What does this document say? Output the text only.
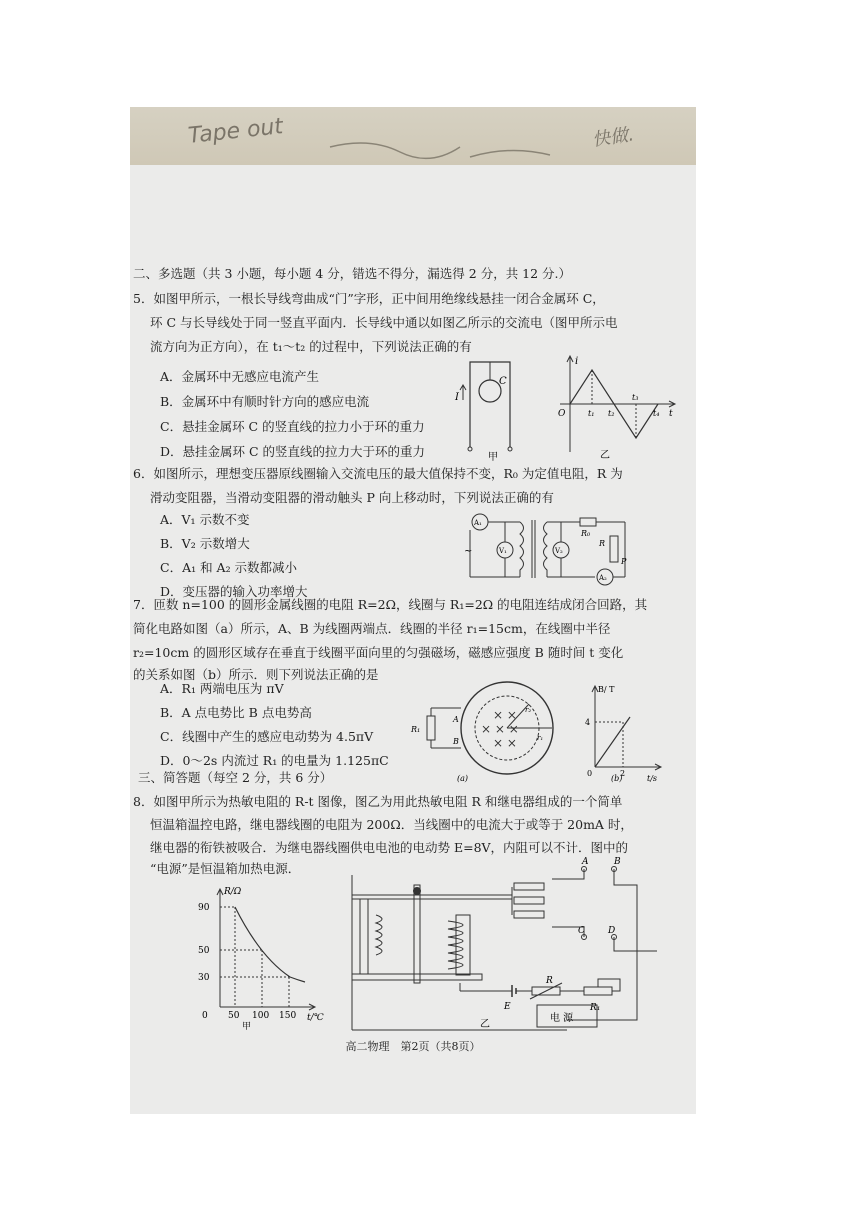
Tape out	快做.
二、多选题（共 3 小题，每小题 4 分，错选不得分，漏选得 2 分，共 12 分.）
5．如图甲所示，一根长导线弯曲成“门”字形，正中间用绝缘线悬挂一闭合金属环 C，
环 C 与长导线处于同一竖直平面内．长导线中通以如图乙所示的交流电（图甲所示电
流方向为正方向），在 t₁～t₂ 的过程中，下列说法正确的有
A．金属环中无感应电流产生
B．金属环中有顺时针方向的感应电流
C．悬挂金属环 C 的竖直线的拉力小于环的重力
D．悬挂金属环 C 的竖直线的拉力大于环的重力
I
C
甲
i
O	t₁ t₂
t₃
t₄ t
乙
6．如图所示，理想变压器原线圈输入交流电压的最大值保持不变，R₀ 为定值电阻，R 为
滑动变阻器，当滑动变阻器的滑动触头 P 向上移动时，下列说法正确的有
A．V₁ 示数不变
B．V₂ 示数增大
C．A₁ 和 A₂ 示数都减小
D．变压器的输入功率增大
A₁
~	V₁	V₂
R₀
R
P
A₂
7．匝数 n=100 的圆形金属线圈的电阻 R=2Ω，线圈与 R₁=2Ω 的电阻连结成闭合回路，其
简化电路如图（a）所示，A、B 为线圈两端点．线圈的半径 r₁=15cm，在线圈中半径
r₂=10cm 的圆形区域存在垂直于线圈平面向里的匀强磁场，磁感应强度 B 随时间 t 变化
的关系如图（b）所示．则下列说法正确的是
A．R₁ 两端电压为 πV
B．A 点电势比 B 点电势高
C．线圈中产生的感应电动势为 4.5πV
D．0～2s 内流过 R₁ 的电量为 1.125πC
R₁
A
B
× ×
× × ×
× ×
r₂
r₁
(a)
B/ T
4
0	2
t/s
(b)
三、简答题（每空 2 分，共 6 分）
8．如图甲所示为热敏电阻的 R-t 图像，图乙为用此热敏电阻 R 和继电器组成的一个简单
恒温箱温控电路，继电器线圈的电阻为 200Ω．当线圈中的电流大于或等于 20mA 时，
继电器的衔铁被吸合．为继电器线圈供电电池的电动势 E=8V，内阻可以不计．图中的
“电源”是恒温箱加热电源．
R/Ω
90
50
30
0 50 100 150 t/℃
甲
A	B
C	D
E
R
R₁
电 源
乙
高二物理　第2页（共8页）
